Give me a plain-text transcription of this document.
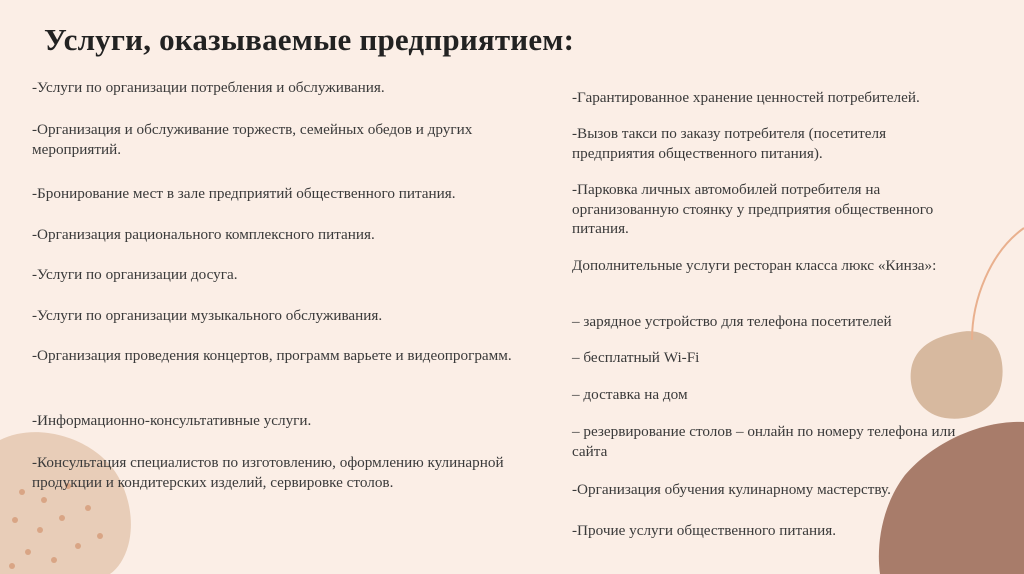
Услуги, оказываемые предприятием:

-Услуги по организации потребления и обслуживания.

-Организация и обслуживание торжеств, семейных обедов и других мероприятий.

-Бронирование мест в зале предприятий общественного питания.

-Организация рационального комплексного питания.

-Услуги по организации досуга.

-Услуги по организации музыкального обслуживания.

-Организация проведения концертов, программ варьете и видеопрограмм.

-Информационно-консультативные услуги.

-Консультация специалистов по изготовлению, оформлению кулинарной продукции и кондитерских изделий, сервировке столов.

-Гарантированное хранение ценностей потребителей.

-Вызов такси по заказу потребителя (посетителя предприятия общественного питания).

-Парковка личных автомобилей потребителя на организованную стоянку у предприятия общественного питания.

Дополнительные услуги ресторан класса люкс «Кинза»:

– зарядное устройство для телефона посетителей

– бесплатный Wi-Fi

– доставка на дом

– резервирование столов – онлайн по номеру телефона или сайта

-Организация обучения кулинарному мастерству.

-Прочие услуги общественного питания.
